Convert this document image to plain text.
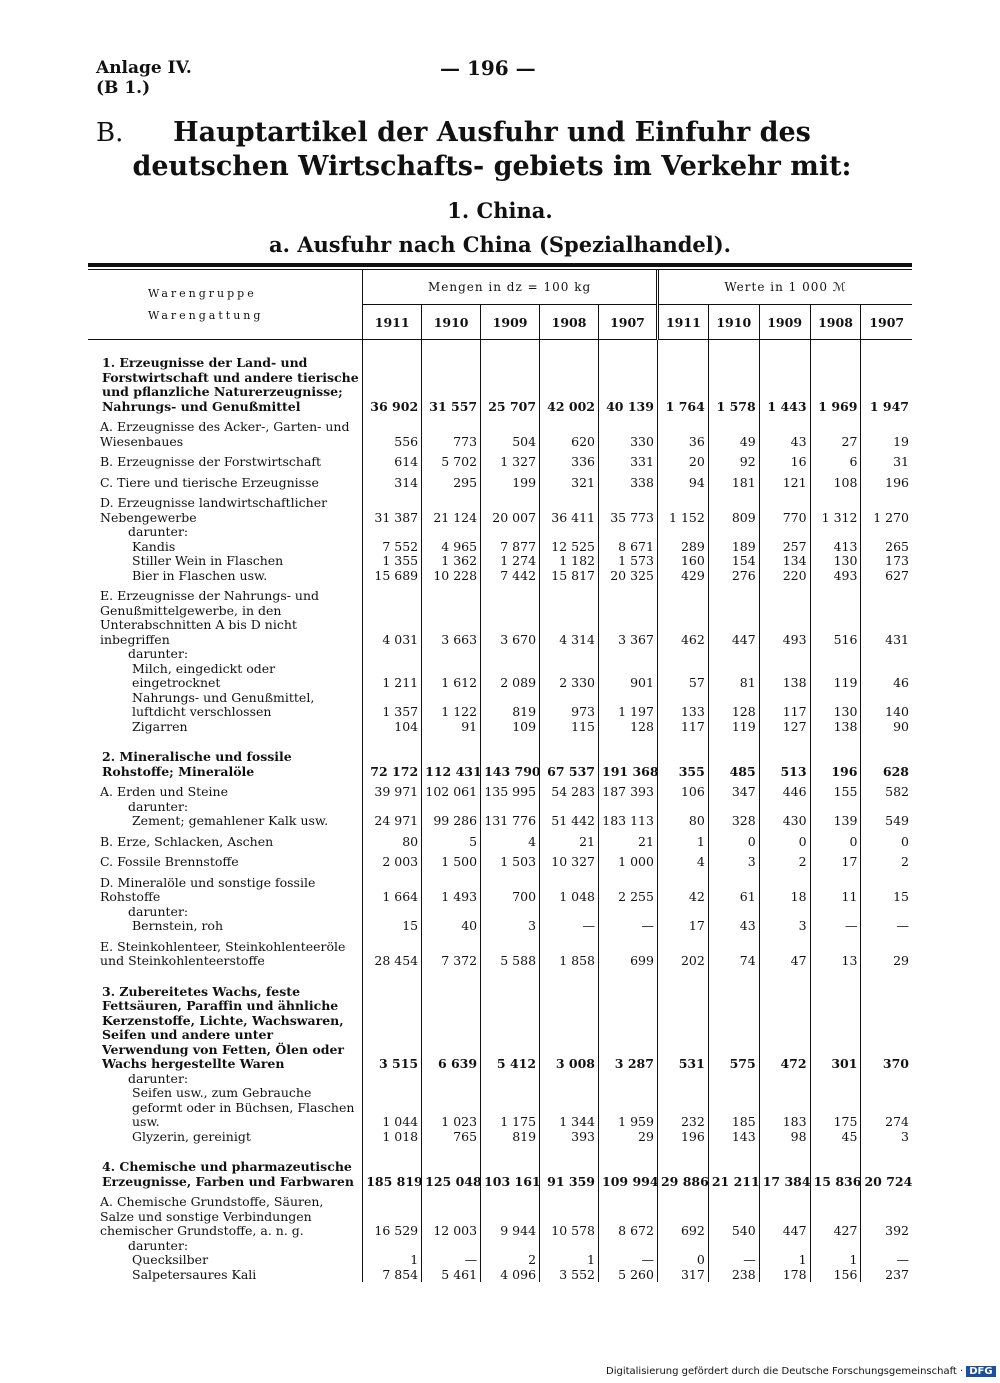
Anlage IV.
(B 1.)
— 196 —
B.	Hauptartikel der Ausfuhr und Einfuhr des deutschen Wirtschafts- gebiets im Verkehr mit:
1. China.
a. Ausfuhr nach China (Spezialhandel).
Warengruppe
Warengattung	Mengen in dz = 100 kg					Werte in 1 000 ℳ				
	1911	1910	1909	1908	1907	1911	1910	1909	1908	1907
1. Erzeugnisse der Land- und Forstwirtschaft und andere tierische und pflanzliche Naturerzeugnisse; Nahrungs- und Genußmittel	36 902	31 557	25 707	42 002	40 139	1 764	1 578	1 443	1 969	1 947
A. Erzeugnisse des Acker-, Garten- und Wiesenbaues	556	773	504	620	330	36	49	43	27	19
B. Erzeugnisse der Forstwirtschaft	614	5 702	1 327	336	331	20	92	16	6	31
C. Tiere und tierische Erzeugnisse	314	295	199	321	338	94	181	121	108	196
D. Erzeugnisse landwirtschaftlicher Nebengewerbe	31 387	21 124	20 007	36 411	35 773	1 152	809	770	1 312	1 270
darunter:										
Kandis	7 552	4 965	7 877	12 525	8 671	289	189	257	413	265
Stiller Wein in Flaschen	1 355	1 362	1 274	1 182	1 573	160	154	134	130	173
Bier in Flaschen usw.	15 689	10 228	7 442	15 817	20 325	429	276	220	493	627
E. Erzeugnisse der Nahrungs- und Genußmittelgewerbe, in den Unterabschnitten A bis D nicht inbegriffen	4 031	3 663	3 670	4 314	3 367	462	447	493	516	431
darunter:										
Milch, eingedickt oder eingetrocknet	1 211	1 612	2 089	2 330	901	57	81	138	119	46
Nahrungs- und Genußmittel, luftdicht verschlossen	1 357	1 122	819	973	1 197	133	128	117	130	140
Zigarren	104	91	109	115	128	117	119	127	138	90
2. Mineralische und fossile Rohstoffe; Mineralöle	72 172	112 431	143 790	67 537	191 368	355	485	513	196	628
A. Erden und Steine	39 971	102 061	135 995	54 283	187 393	106	347	446	155	582
darunter:										
Zement; gemahlener Kalk usw.	24 971	99 286	131 776	51 442	183 113	80	328	430	139	549
B. Erze, Schlacken, Aschen	80	5	4	21	21	1	0	0	0	0
C. Fossile Brennstoffe	2 003	1 500	1 503	10 327	1 000	4	3	2	17	2
D. Mineralöle und sonstige fossile Rohstoffe	1 664	1 493	700	1 048	2 255	42	61	18	11	15
darunter:										
Bernstein, roh	15	40	3	—	—	17	43	3	—	—
E. Steinkohlenteer, Steinkohlenteeröle und Steinkohlenteerstoffe	28 454	7 372	5 588	1 858	699	202	74	47	13	29
3. Zubereitetes Wachs, feste Fettsäuren, Paraffin und ähnliche Kerzenstoffe, Lichte, Wachswaren, Seifen und andere unter Verwendung von Fetten, Ölen oder Wachs hergestellte Waren	3 515	6 639	5 412	3 008	3 287	531	575	472	301	370
darunter:										
Seifen usw., zum Gebrauche geformt oder in Büchsen, Flaschen usw.	1 044	1 023	1 175	1 344	1 959	232	185	183	175	274
Glyzerin, gereinigt	1 018	765	819	393	29	196	143	98	45	3
4. Chemische und pharmazeutische Erzeugnisse, Farben und Farbwaren	185 819	125 048	103 161	91 359	109 994	29 886	21 211	17 384	15 836	20 724
A. Chemische Grundstoffe, Säuren, Salze und sonstige Verbindungen chemischer Grundstoffe, a. n. g.	16 529	12 003	9 944	10 578	8 672	692	540	447	427	392
darunter:										
Quecksilber	1	—	2	1	—	0	—	1	1	—
Salpetersaures Kali	7 854	5 461	4 096	3 552	5 260	317	238	178	156	237
Digitalisierung gefördert durch die Deutsche Forschungsgemeinschaft · DFG
